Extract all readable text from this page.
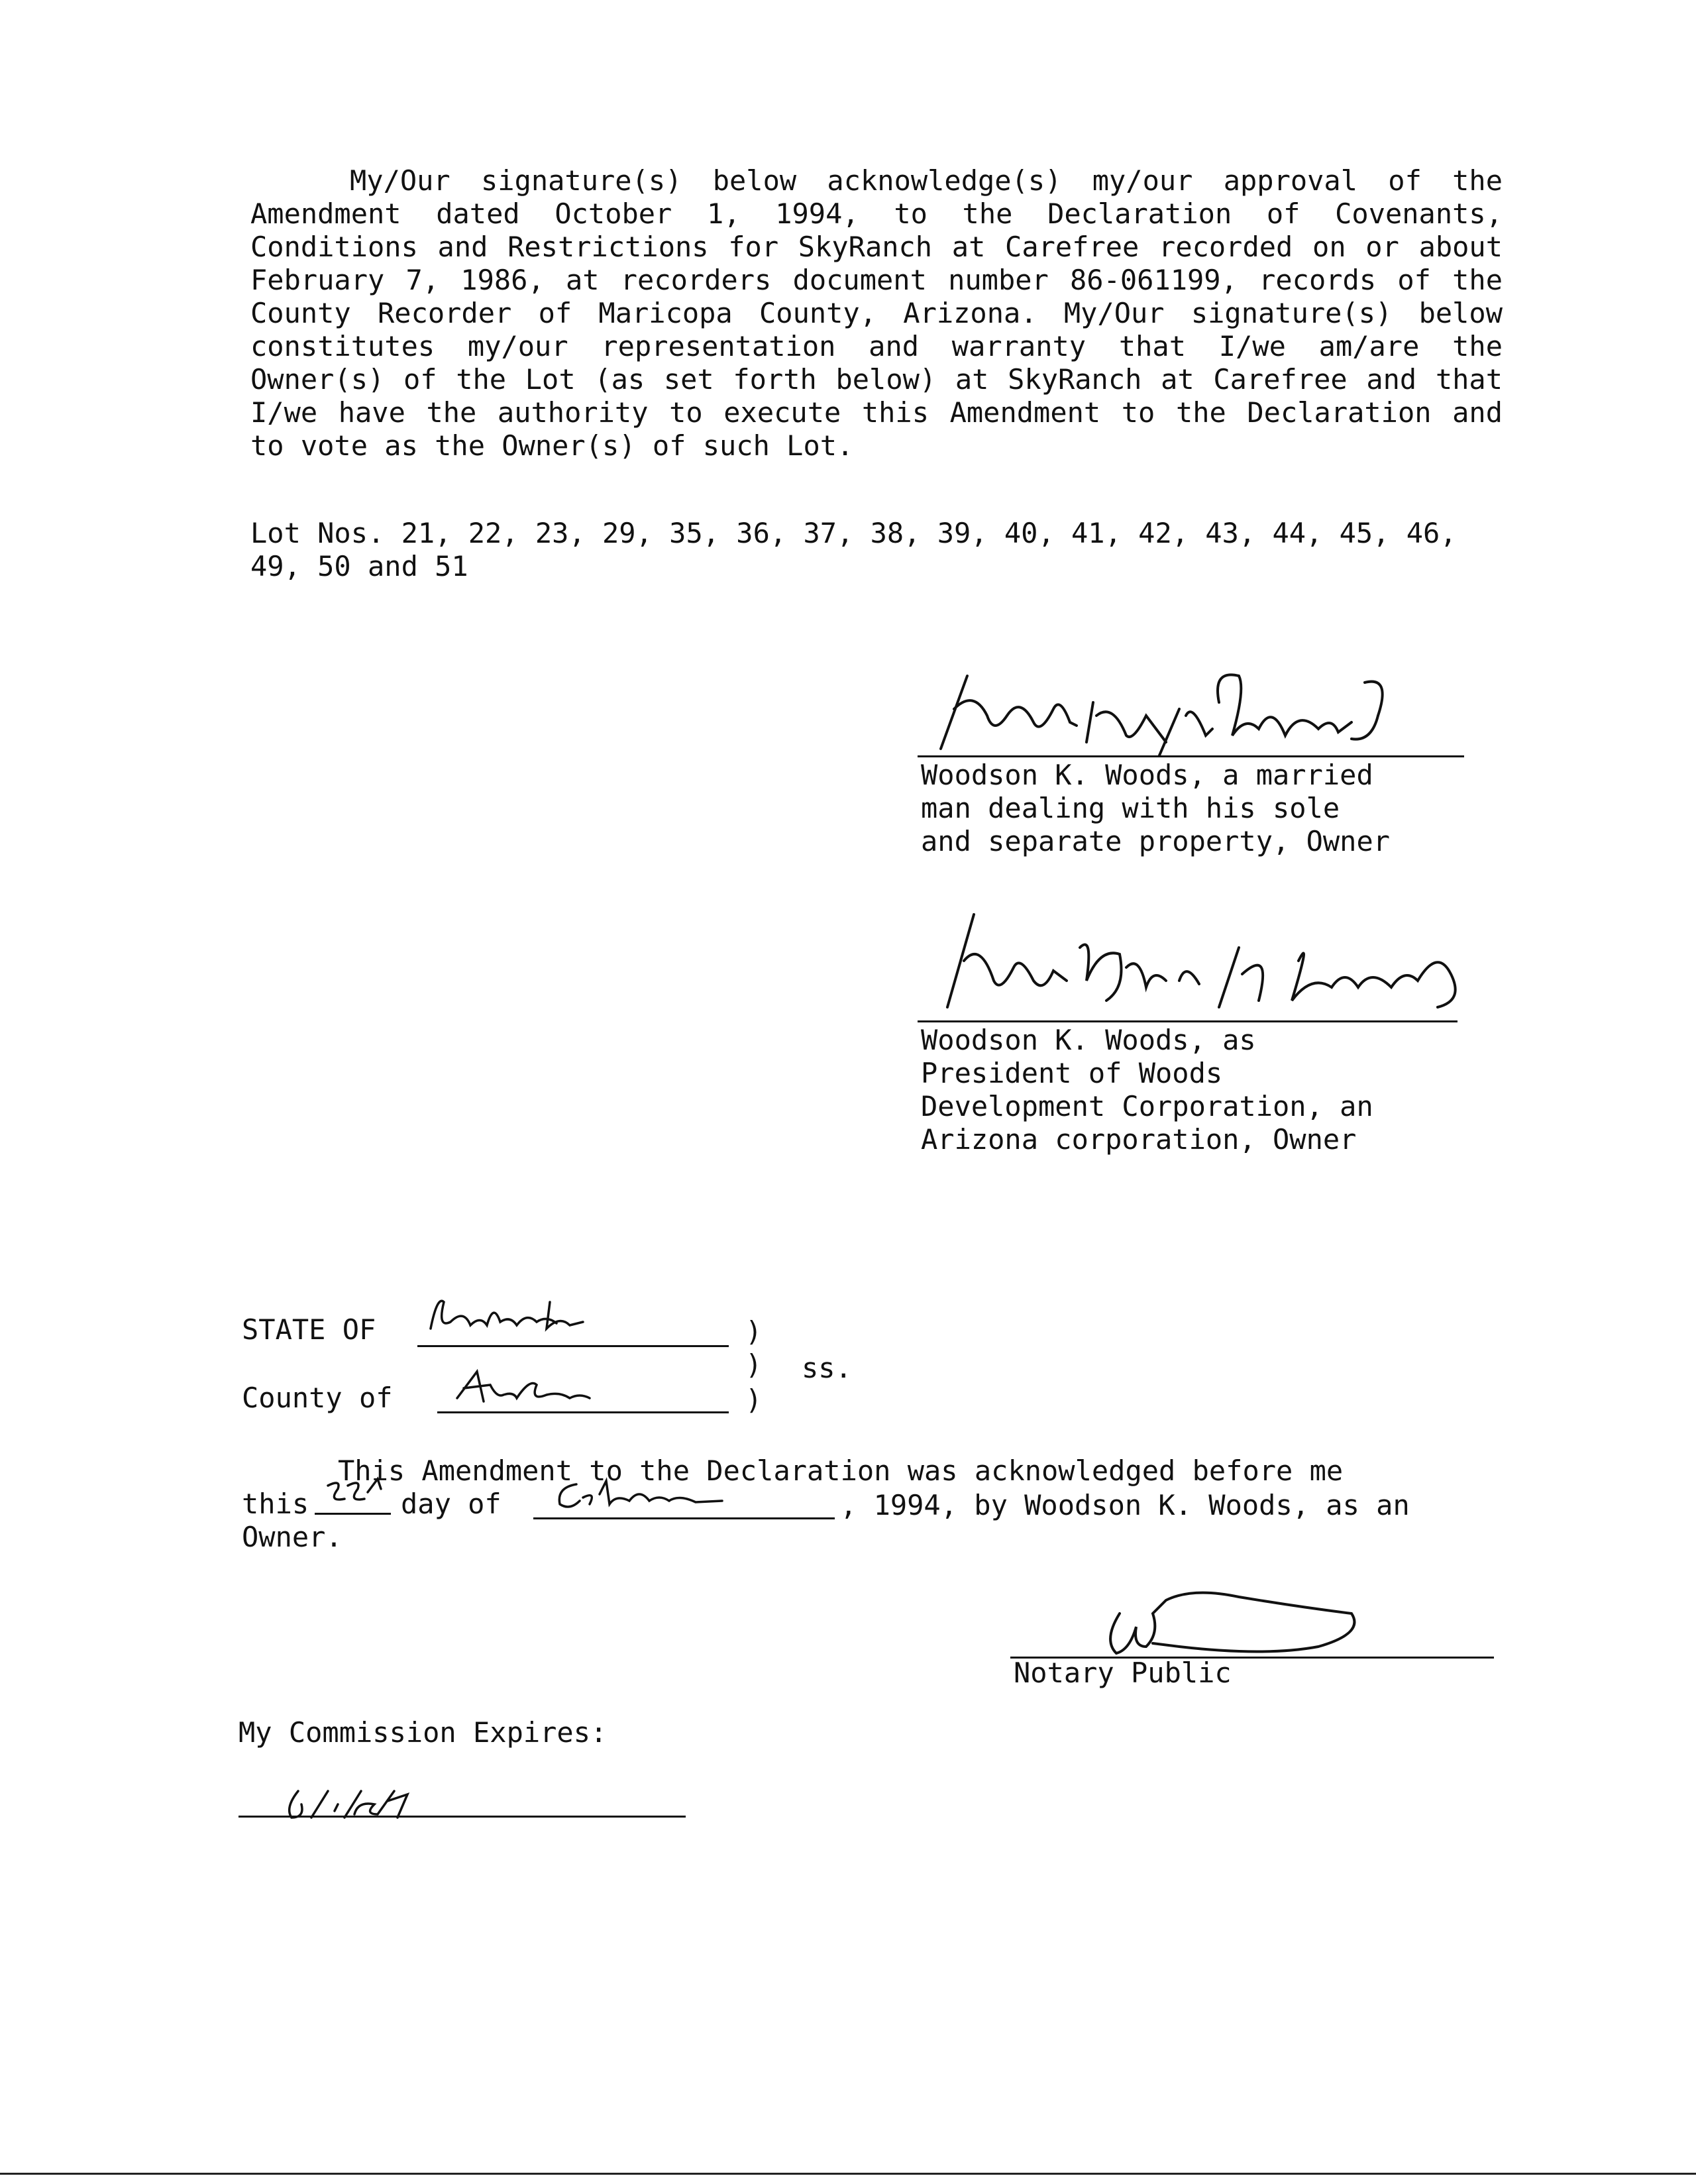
My/Our signature(s) below acknowledge(s) my/our approval of the Amendment dated October 1, 1994, to the Declaration of Covenants, Conditions and Restrictions for SkyRanch at Carefree recorded on or about February 7, 1986, at recorders document number 86-061199, records of the County Recorder of Maricopa County, Arizona. My/Our signature(s) below constitutes my/our representation and warranty that I/we am/are the Owner(s) of the Lot (as set forth below) at SkyRanch at Carefree and that I/we have the authority to execute this Amendment to the Declaration and to vote as the Owner(s) of such Lot.
Lot Nos. 21, 22, 23, 29, 35, 36, 37, 38, 39, 40, 41, 42, 43, 44, 45, 46, 49, 50 and 51
Woodson K. Woods, a married
man dealing with his sole
and separate property, Owner
Woodson K. Woods, as
President of Woods
Development Corporation, an
Arizona corporation, Owner
STATE OF	)
) ss.
County of	)
This Amendment to the Declaration was acknowledged before me
this	day of	, 1994, by Woodson K. Woods, as an
Owner.
Notary Public
My Commission Expires:
